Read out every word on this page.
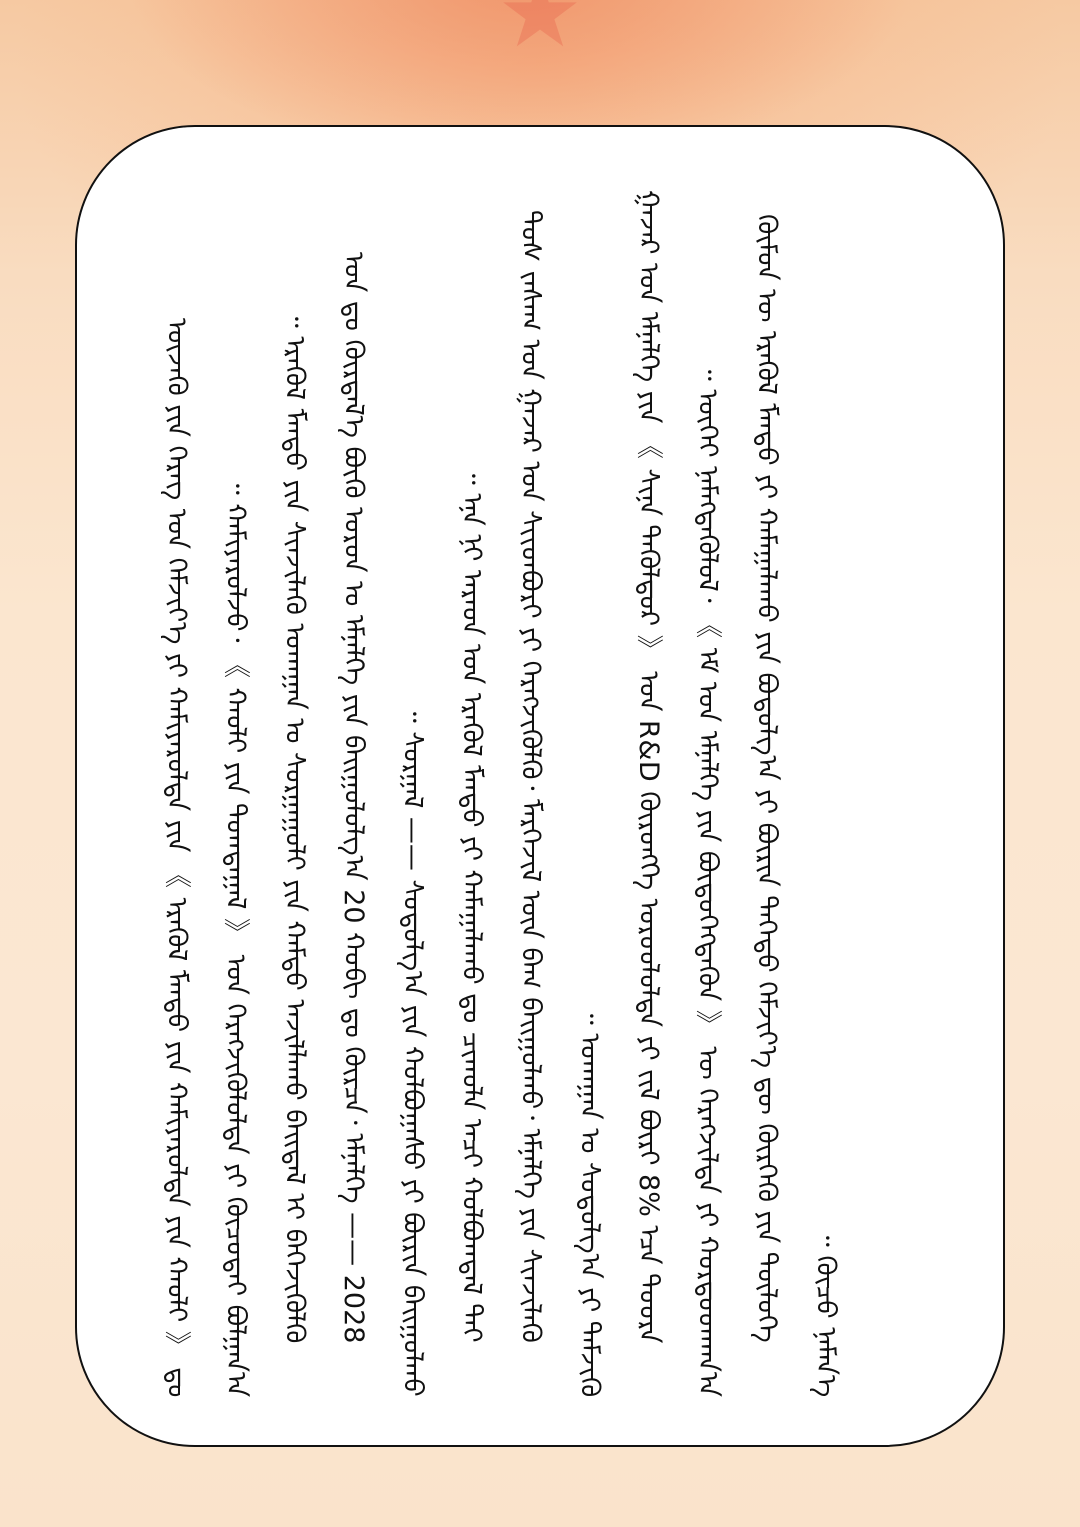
ᠦᠵᠡᠬᠦ ᠶᠢᠨ ᠬᠡᠷᠡᠭ ᠤᠨ ᠬᠡᠮᠵᠢᠶ᠎ᠡ ᠶᠢ ᠬᠠᠮᠢᠶᠠᠷᠤᠯᠲᠠ ᠶᠢᠨ 《 ᠡᠷᠡᠭᠦᠯ ᠮᠡᠨᠳᠦ ᠶᠢᠨ ᠬᠠᠮᠢᠶᠠᠷᠤᠯᠲᠠ ᠶᠢᠨ ᠬᠠᠤᠯᠢ 》 ᠳᠤ ᠬᠠᠮᠢᠶᠠᠷᠤᠯᠵᠤ᠂ 《 ᠬᠠᠤᠯᠢ ᠶᠢᠨ ᠲᠣᠭᠲᠠᠭᠠᠯ 》 ᠤᠨ ᠬᠡᠷᠡᠭᠵᠢᠭᠦᠯᠦᠯᠲᠡ ᠶᠢ ᠬᠦᠴᠦᠳᠡᠢ ᠪᠣᠯᠭᠠᠨ᠎ᠠ ᠃

ᠡᠷᠡᠭᠦᠯ ᠮᠡᠨᠳᠦ ᠶᠢᠨ ᠰᠢᠨᠵᠢᠯᠡᠬᠦ ᠤᠬᠠᠭᠠᠨ ᠤ ᠰᠤᠷᠭᠠᠭᠤᠯᠢ ᠶᠢᠨ ᠬᠠᠮᠲᠤ ᠠᠵᠢᠯᠯᠠᠬᠤ ᠪᠠᠢᠳᠠᠯ ᠢ ᠪᠡᠬᠡᠵᠢᠭᠦᠯᠬᠦ ᠃	2028 ᠣᠨ ᠳᠤ ᠬᠦᠷᠲᠡᠯ᠎ᠡ ᠪᠦᠬᠦ ᠣᠷᠣᠨ ᠤ ᠡᠮᠨᠡᠯᠭᠡ ᠶᠢᠨ ᠪᠠᠢᠭᠤᠯᠤᠯᠭ᠎ᠠ 20 ᠬᠤᠪᠢ ᠳᠤ ᠬᠦᠷᠴᠡ᠂ ᠡᠮᠨᠡᠯᠭᠡ —— ᠰᠤᠷᠭᠠᠯ —— ᠰᠤᠳᠤᠯᠭ᠎ᠠ ᠶᠢᠨ ᠬᠣᠯᠪᠣᠭᠠᠰᠤ ᠶᠢ ᠪᠦᠷᠢᠨ ᠪᠠᠢᠭᠤᠯᠬᠤ ᠃

ᠡᠨᠡ ᠨᠢ ᠠᠷᠠᠳ ᠤᠨ ᠡᠷᠡᠭᠦᠯ ᠮᠡᠨᠳᠦ ᠶᠢ ᠬᠠᠮᠠᠭᠠᠯᠠᠬᠤ ᠳᠤ ᠴᠢᠬᠤᠯᠠ ᠠᠴᠢ ᠬᠣᠯᠪᠣᠭᠳᠠᠯ ᠲᠠᠢ ᠃	ᠲᠤᠰ ᠵᠠᠰᠠᠭ ᠤᠨ ᠭᠠᠵᠠᠷ ᠤᠨ ᠰᠢᠢᠳᠪᠦᠷᠢ ᠶᠢ ᠬᠡᠷᠡᠭᠵᠢᠭᠦᠯᠬᠦ᠂ ᠮᠡᠷᠭᠡᠵᠢᠯ ᠦᠨ ᠪᠠᠭ ᠪᠠᠢᠭᠤᠯᠬᠤ᠂ ᠡᠮᠨᠡᠯᠭᠡ ᠶᠢᠨ ᠰᠢᠨᠵᠢᠯᠡᠬᠦ ᠤᠬᠠᠭᠠᠨ ᠤ ᠰᠤᠳᠤᠯᠭ᠎ᠠ ᠶᠢ ᠳᠡᠮᠵᠢᠬᠦ ᠃	ᠭᠠᠵᠠᠷ ᠤᠨ ᠡᠮᠨᠡᠯᠭᠡ ᠶᠢᠨ 《 ᠰᠢᠨᠡ ᠲᠡᠭᠦᠯᠳᠦᠷ 》 ᠤᠨ R&D ᠬᠥᠷᠥᠩᠭᠡ ᠣᠷᠤᠤᠯᠤᠯᠲᠠ ᠶᠢ ᠵᠢᠯ ᠪᠦᠷᠢ 8% ᠡᠴᠡ ᠳᠣᠣᠷᠠ ᠦᠭᠡᠢ ᠨᠡᠮᠡᠭᠳᠡᠭᠦᠯᠦᠯ᠂ 《 ᠡᠮ ᠤᠨ ᠡᠮᠨᠡᠯᠭᠡ ᠶᠢᠨ ᠪᠦᠲᠦᠭᠡᠭᠳᠡᠬᠦᠨ 》 ᠦ ᠬᠡᠷᠡᠭᠵᠢᠯᠲᠡ ᠶᠢ ᠬᠤᠷᠳᠤᠳᠬᠠᠨ᠎ᠠ ᠃	ᠬᠦᠮᠦᠨ ᠦ ᠡᠷᠡᠭᠦᠯ ᠮᠡᠨᠳᠦ ᠶᠢ ᠬᠠᠮᠠᠭᠠᠯᠠᠬᠤ ᠶᠢᠨ ᠪᠣᠳᠣᠯᠭ᠎ᠠ ᠶᠢ ᠪᠦᠷᠢᠨ ᠳᠡᠭᠡᠳᠦ ᠬᠡᠮᠵᠢᠶ᠎ᠡ ᠳᠦ ᠬᠦᠷᠭᠡᠬᠦ ᠶᠢᠨ ᠲᠦᠯᠦᠭᠡ ᠬᠦᠴᠦ ᠨᠡᠮᠡᠨ᠎ᠡ ᠃
